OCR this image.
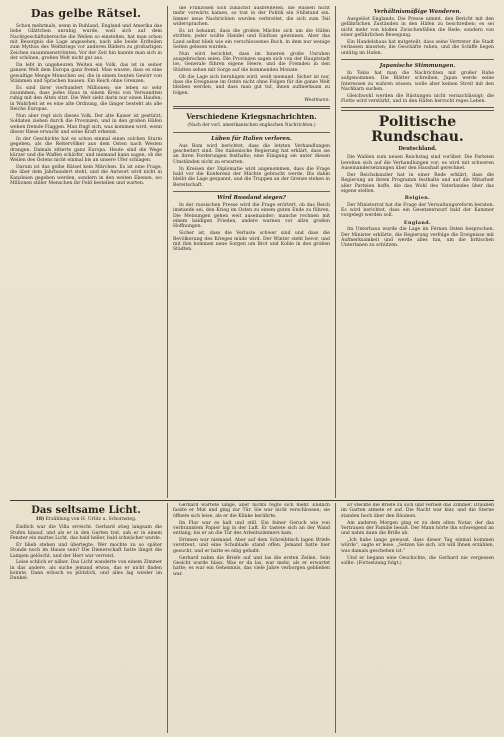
Das gelbe Rätsel.

Schon mehrmals, wenn in Ruhland, England und Amerika das liebe Glättchen unruhig wurde, weil sich auf dem Nachtgeschäftsbereiche die Wellen so einstellen, hat man schon mit Besorgnis die Lage angesehen, nach alle beide Erdteilen zum Mythus des Weltkriegs vor anderen Bildern zu großartigen Zeichen zusammenströmten. Vor der Zeit hin kannte man sich in der schönen, großen Welt nicht gut aus.

Da lebt in ungeheuren Weiten ein Volk, das ist in seiner ganzen Welt dem Europa ganz fremd. Man wusste, dass es eine gewaltige Menge Menschen sei, die in einem bunten Gewirr von Stämmen und Sprachen hausen. Ein Reich ohne Grenzen.

Es sind ihrer vierhundert Millionen; sie leben so sehr zusammen, dass jedes Haus in einem Kreis von Verwandten ruhig mit den Alten sitzt. Die Welt sieht darin nur einen Haufen; in Wahrheit ist es eine alte Ordnung, die länger besteht als alle Reiche Europas.

Nun aber regt sich dieses Volk. Der alte Kaiser ist gestürzt; Soldaten ziehen durch die Provinzen, und in den großen Häfen wehen fremde Flaggen. Man fragt sich, was kommen wird, wenn dieser Riese erwacht und seine Kraft erkennt.

In der Geschichte hat es schon einmal einen solchen Sturm gegeben, als die Reitervölker aus dem Osten nach Westen drangen. Damals zitterte ganz Europa. Heute sind die Wege kürzer und die Waffen schärfer, und niemand kann sagen, ob die Wellen des Ostens nicht einmal bis an unsere Ufer schlagen.

Darum ist das gelbe Rätsel kein Märchen. Es ist eine Frage, die über dem Jahrhundert steht, und die Antwort wird nicht in Kanzleien gegeben werden, sondern in den weiten Ebenen, wo Millionen stiller Menschen ihr Feld bestellen und warten.

die Franzosen sich zunächst ausbreiteten, die Russen nicht mehr vorwärts kamen, so trat in der Politik ein Stillstand ein. Immer neue Nachrichten wurden verbreitet, die sich zum Teil widersprachen.

Es ist bekannt, dass die großen Mächte sich um die Häfen stritten; jeder wollte Handel und Einfluss gewinnen. Aber das Land selbst blieb wie ein verschlossenes Buch, in dem nur wenige Seiten gelesen wurden.

Nun wird berichtet, dass im Inneren große Unruhen ausgebrochen seien. Die Provinzen sagen sich von der Hauptstadt los, Generale führen eigene Heere, und die Fremden in den Städten sehen mit Sorge auf die kommenden Monate.

Ob die Lage sich beruhigen wird, weiß niemand. Sicher ist nur, dass die Ereignisse im Osten nicht ohne Folgen für die ganze Welt bleiben werden, und dass man gut tut, ihnen aufmerksam zu folgen.

Westmann.
Verschiedene Kriegsnachrichten.
(Nach der vorl. amerikanischen englischen Nachrichten.)
Lüben für Italien verloren.

Aus Rom wird berichtet, dass die letzten Verhandlungen gescheitert sind. Die italienische Regierung hat erklärt, dass sie an ihren Forderungen festhalte; eine Einigung sei unter diesen Umständen nicht zu erwarten.

In Kreisen der Diplomatie wird angenommen, dass die Frage bald vor die Konferenz der Mächte gebracht werde. Bis dahin bleibt die Lage gespannt, und die Truppen an der Grenze stehen in Bereitschaft.

Wird Russland siegen?

In der russischen Presse wird die Frage erörtert, ob das Reich imstande sei, den Krieg im Osten zu einem guten Ende zu führen. Die Meinungen gehen weit auseinander; manche rechnen mit einem baldigen Frieden, andere warnen vor allzu großen Hoffnungen.

Sicher ist, dass die Verluste schwer sind und dass die Bevölkerung des Krieges müde wird. Der Winter steht bevor, und mit ihm kommen neue Sorgen um Brot und Kohle in den großen Städten.

Verhältnismäßige Wanderen.

Ausgelöst Englands. Die Presse nimmt, den Bericht mit den gefährlichen Zuständen in den Häfen zu beschreiben; es sei nicht mehr von bloßen Zwischenfällen die Rede, sondern von einer gefährlichen Bewegung.

Ein Handelshaus hat mitgeteilt, dass seine Vertreter die Stadt verlassen mussten; die Geschäfte ruhen, und die Schiffe liegen untätig im Hafen.

Japanische Stimmungen.

In Tokio hat man die Nachrichten mit großer Ruhe aufgenommen. Die Blätter schreiben, Japan werde seine Interessen zu wahren wissen, wolle aber keinen Streit mit den Nachbarn suchen.

Gleichwohl werden die Rüstungen nicht vernachlässigt; die Flotte wird verstärkt, und in den Häfen herrscht reges Leben.

Politische Rundschau.
Deutschland.

Die Wahlen zum neuen Reichstag sind vorüber. Die Parteien bereiten sich auf die Verhandlungen vor; es wird mit schweren Auseinandersetzungen über den Haushalt gerechnet.

Der Reichskanzler hat in einer Rede erklärt, dass die Regierung an ihrem Programm festhalte und auf die Mitarbeit aller Parteien hoffe, die das Wohl des Vaterlandes über das eigene stellen.

Belgien.

Der Ministerrat hat die Frage der Verwaltungsreform beraten. Es wird berichtet, dass ein Gesetzentwurf bald der Kammer vorgelegt werden soll.

England.

Im Unterhaus wurde die Lage im Fernen Osten besprochen. Der Minister erklärte, die Regierung verfolge die Ereignisse mit Aufmerksamkeit und werde alles tun, um die britischen Untertanen zu schützen.

Das seltsame Licht.
18) Erzählung von H. Urlitz u. Schornsteg.

Endlich war die Villa erreicht. Gerhard stieg langsam die Stufen hinauf, und als er in den Garten trat, sah er in einem Fenster ein mattes Licht, das bald heller, bald schwächer wurde.

Er blieb stehen und überlegte. Wer mochte zu so später Stunde noch im Hause sein? Die Dienerschaft hatte längst die Lampen gelöscht, und der Herr war verreist.

Leise schlich er näher. Das Licht wanderte von einem Zimmer in das andere, als suche jemand etwas, das er nicht finden konnte. Dann erlosch es plötzlich, und alles lag wieder im Dunkel.

Gerhard wartete lange, aber nichts regte sich mehr. Endlich fasste er Mut und ging zur Tür. Sie war nicht verschlossen; sie öffnete sich leise, als er die Klinke berührte.

Im Flur war es kalt und still. Ein feiner Geruch wie von verbranntem Papier lag in der Luft. Er tastete sich an der Wand entlang, bis er an die Tür des Arbeitszimmers kam.

Drinnen war niemand. Aber auf dem Schreibtisch lagen Briefe verstreut, und eine Schublade stand offen. Jemand hatte hier gesucht, und er hatte es eilig gehabt.

Gerhard nahm die Briefe auf und las die ersten Zeilen. Sein Gesicht wurde blass. Was er da las, war mehr, als er erwartet hatte; es war ein Geheimnis, das viele Jahre verborgen geblieben war.

Er steckte die Briefe zu sich und verließ das Zimmer. Draußen im Garten atmete er auf. Die Nacht war klar, und die Sterne standen hoch über den Bäumen.

Am anderen Morgen ging er zu dem alten Notar, der das Vertrauen der Familie besaß. Der Mann hörte ihn schweigend an und nahm dann die Brille ab.

„Ich habe lange gewusst, dass dieser Tag einmal kommen würde“, sagte er leise. „Setzen Sie sich, ich will Ihnen erzählen, was damals geschehen ist.“

Und er begann eine Geschichte, die Gerhard nie vergessen sollte. (Fortsetzung folgt.)
